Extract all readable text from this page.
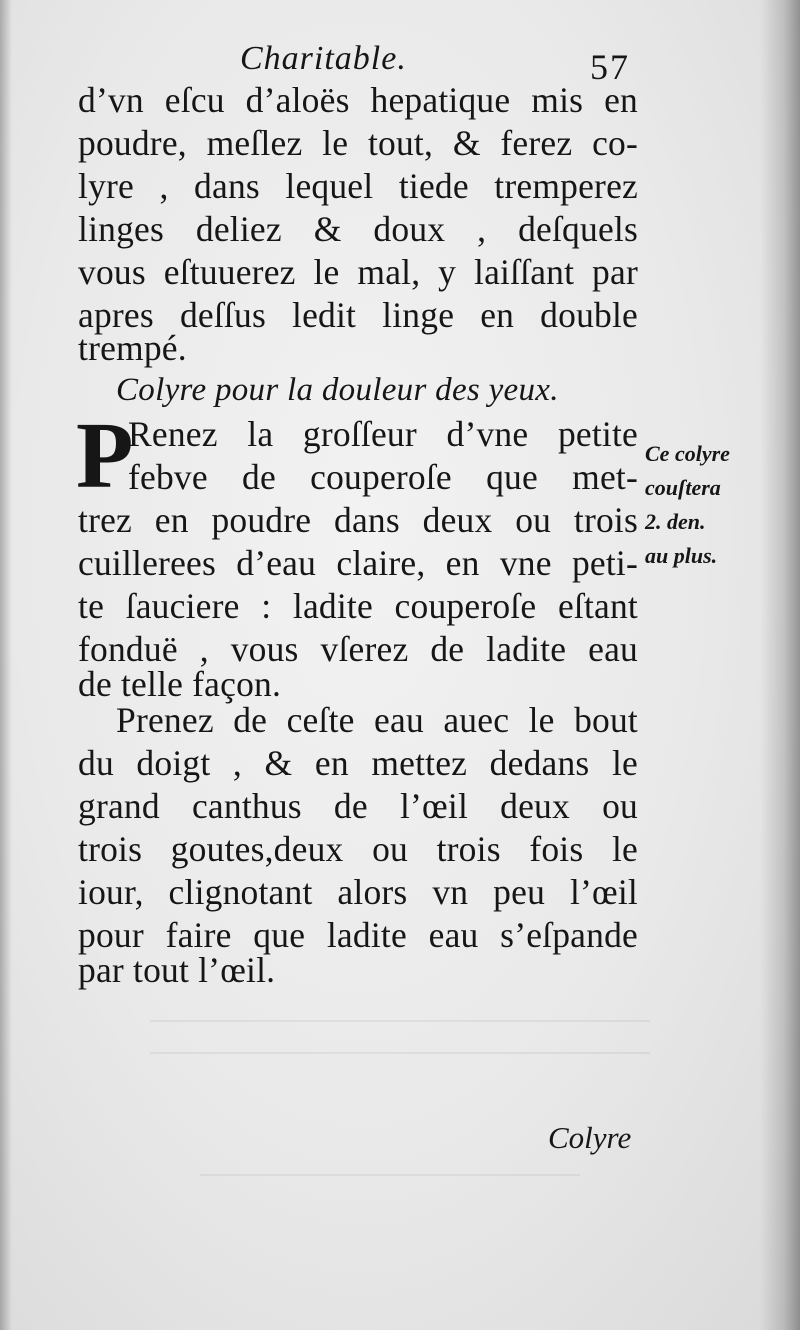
Charitable.	57
d’vn eſcu d’aloës hepatique mis en
poudre, meſlez le tout, & ferez co-
lyre , dans lequel tiede tremperez
linges deliez & doux , deſquels
vous eſtuuerez le mal, y laiſſant par
apres deſſus ledit linge en double
trempé.
Colyre pour la douleur des yeux.
P
Renez la groſſeur d’vne petite
febve de couperoſe que met-
trez en poudre dans deux ou trois
cuillerees d’eau claire, en vne peti-
te ſauciere : ladite couperoſe eſtant
fonduë , vous vſerez de ladite eau
de telle façon.
Prenez de ceſte eau auec le bout
du doigt , & en mettez dedans le
grand canthus de l’œil deux ou
trois goutes,deux ou trois fois le
iour, clignotant alors vn peu l’œil
pour faire que ladite eau s’eſpande
par tout l’œil.
Ce colyre
couſtera
2. den.
au plus.
Colyre
